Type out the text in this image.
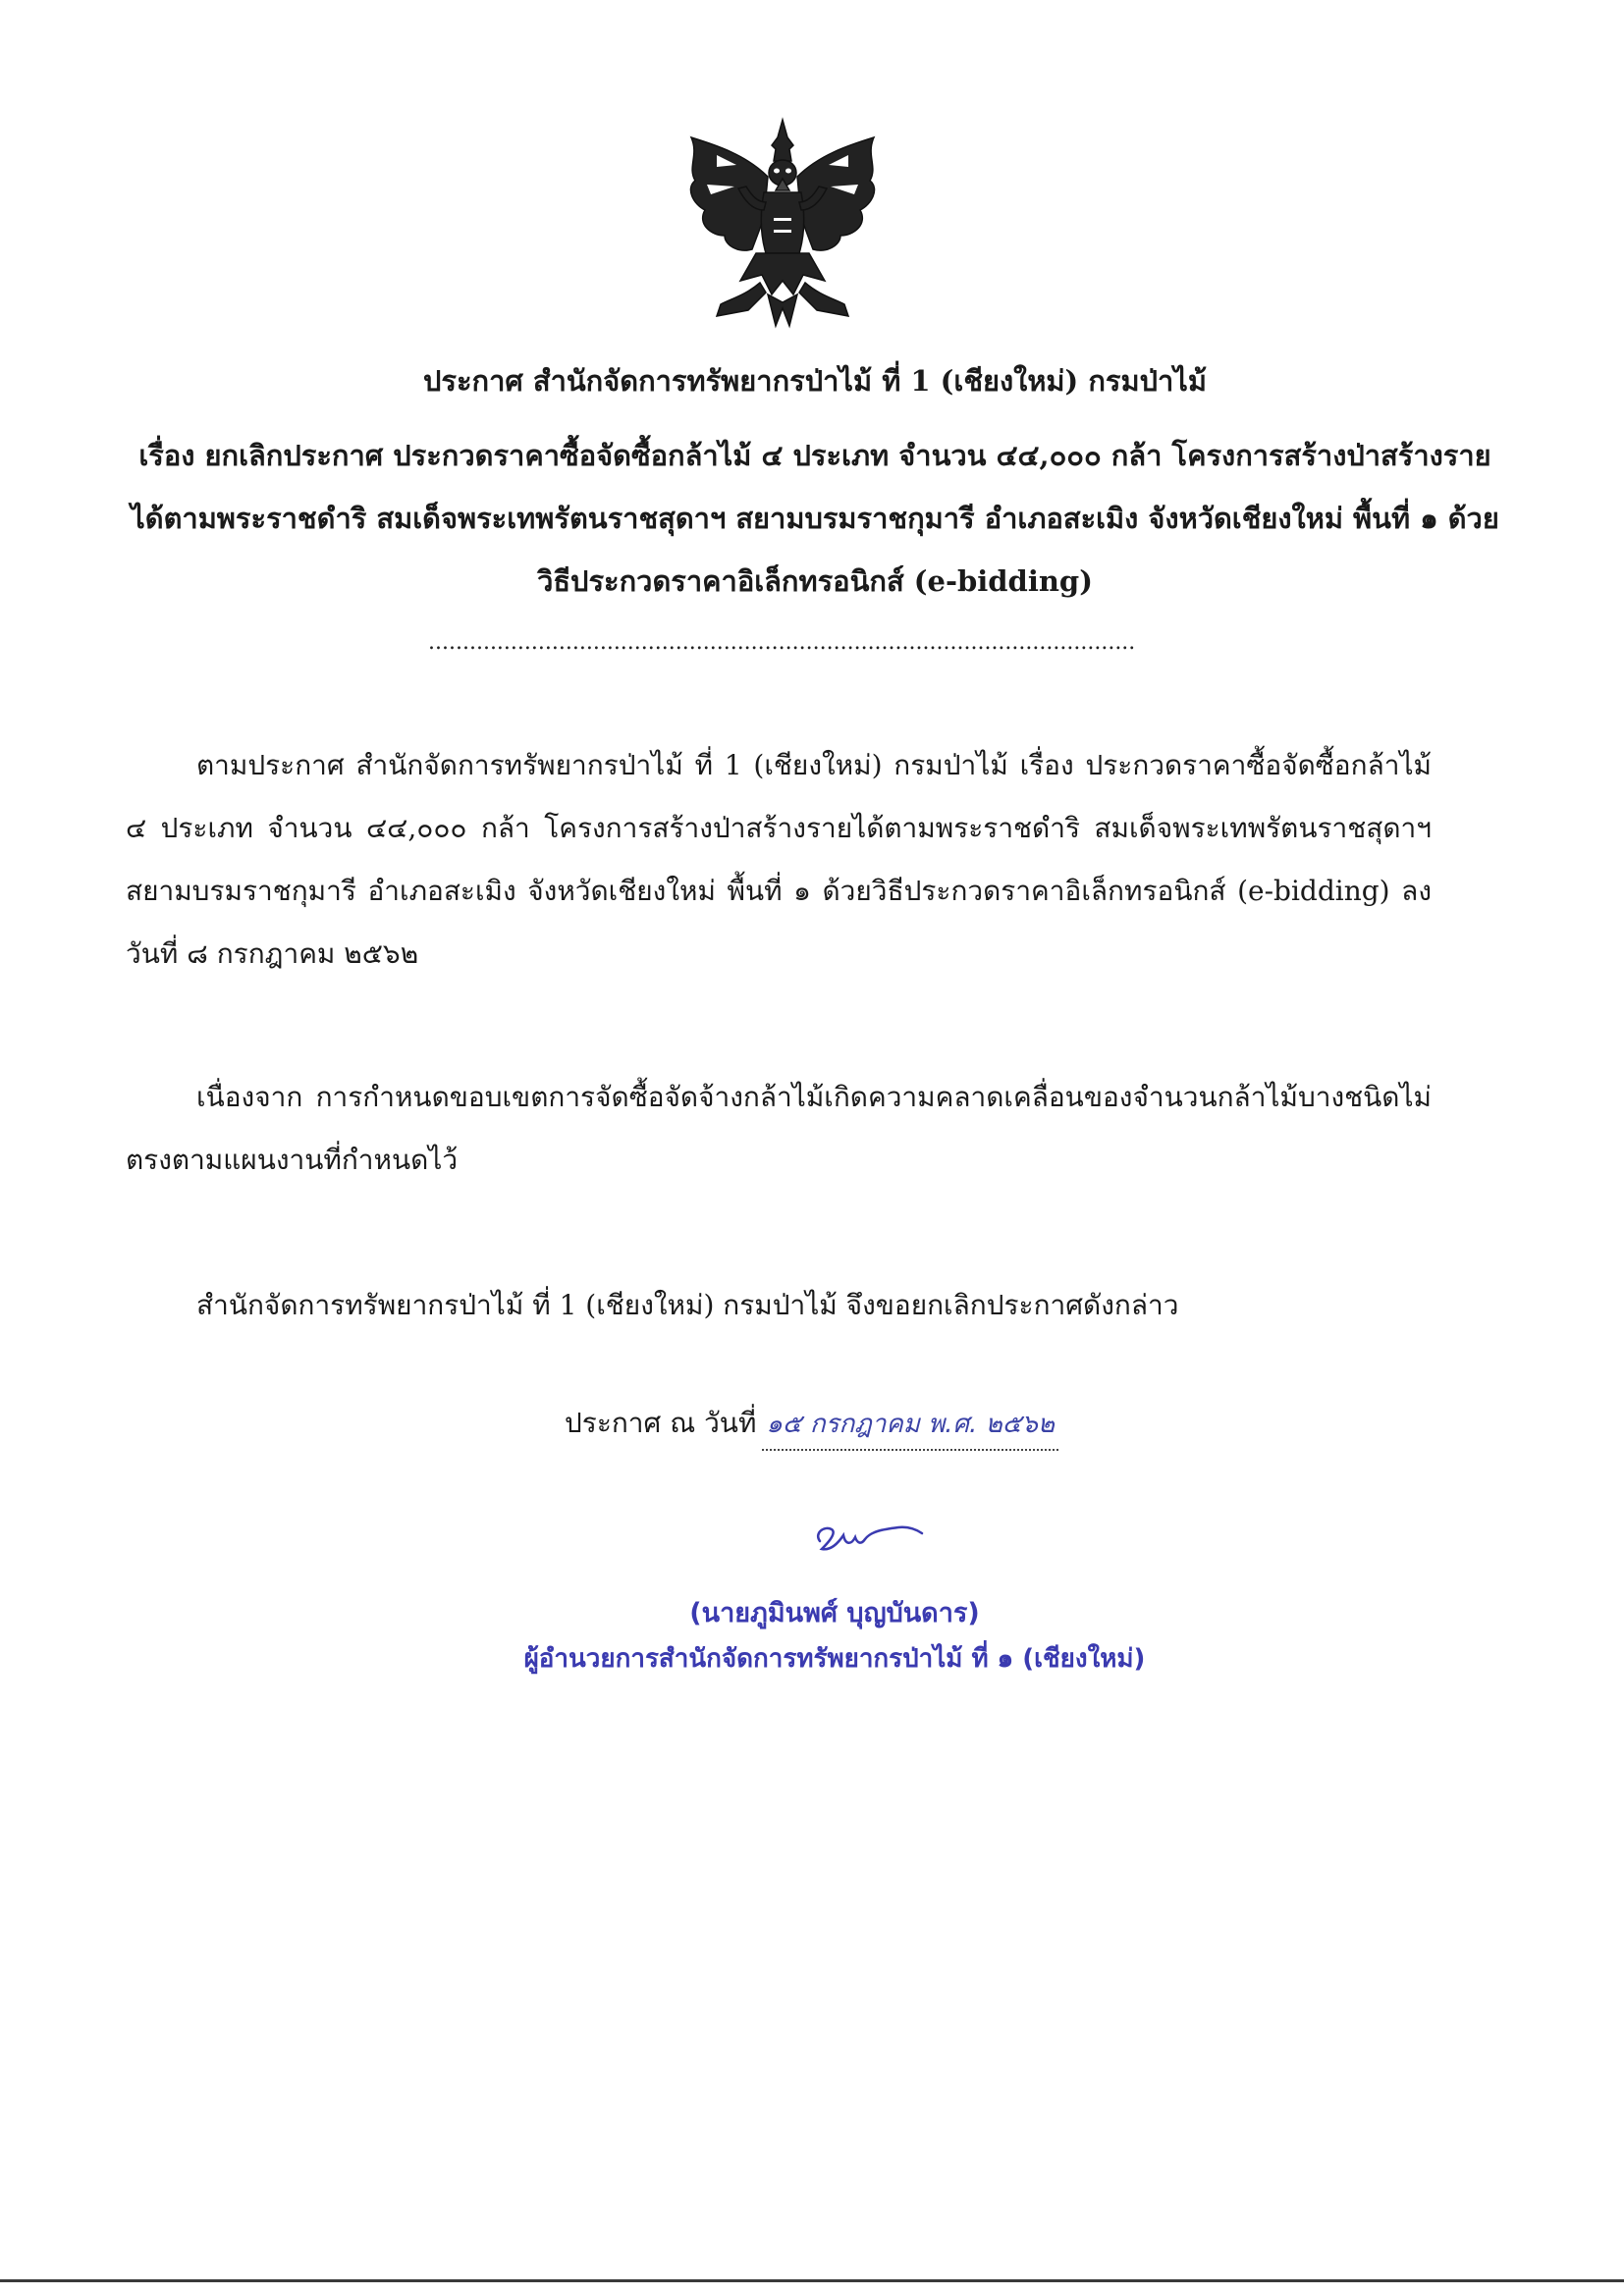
ประกาศ สำนักจัดการทรัพยากรป่าไม้ ที่ 1 (เชียงใหม่) กรมป่าไม้
เรื่อง ยกเลิกประกาศ ประกวดราคาซื้อจัดซื้อกล้าไม้ ๔ ประเภท จำนวน ๔๔,๐๐๐ กล้า โครงการสร้างป่าสร้างรายได้ตามพระราชดำริ สมเด็จพระเทพรัตนราชสุดาฯ สยามบรมราชกุมารี อำเภอสะเมิง จังหวัดเชียงใหม่ พื้นที่ ๑ ด้วยวิธีประกวดราคาอิเล็กทรอนิกส์ (e-bidding)
.......................................................................................................
ตามประกาศ สำนักจัดการทรัพยากรป่าไม้ ที่ 1 (เชียงใหม่) กรมป่าไม้ เรื่อง ประกวดราคาซื้อจัดซื้อกล้าไม้ ๔ ประเภท จำนวน ๔๔,๐๐๐ กล้า โครงการสร้างป่าสร้างรายได้ตามพระราชดำริ สมเด็จพระเทพรัตนราชสุดาฯ สยามบรมราชกุมารี อำเภอสะเมิง จังหวัดเชียงใหม่ พื้นที่ ๑ ด้วยวิธีประกวดราคาอิเล็กทรอนิกส์ (e-bidding) ลงวันที่ ๘ กรกฎาคม ๒๕๖๒
เนื่องจาก การกำหนดขอบเขตการจัดซื้อจัดจ้างกล้าไม้เกิดความคลาดเคลื่อนของจำนวนกล้าไม้บางชนิดไม่ตรงตามแผนงานที่กำหนดไว้
สำนักจัดการทรัพยากรป่าไม้ ที่ 1 (เชียงใหม่) กรมป่าไม้ จึงขอยกเลิกประกาศดังกล่าว
ประกาศ ณ วันที่ ๑๕ กรกฎาคม พ.ศ. ๒๕๖๒
(นายภูมินพศ์ บุญบันดาร)
ผู้อำนวยการสำนักจัดการทรัพยากรป่าไม้ ที่ ๑ (เชียงใหม่)
